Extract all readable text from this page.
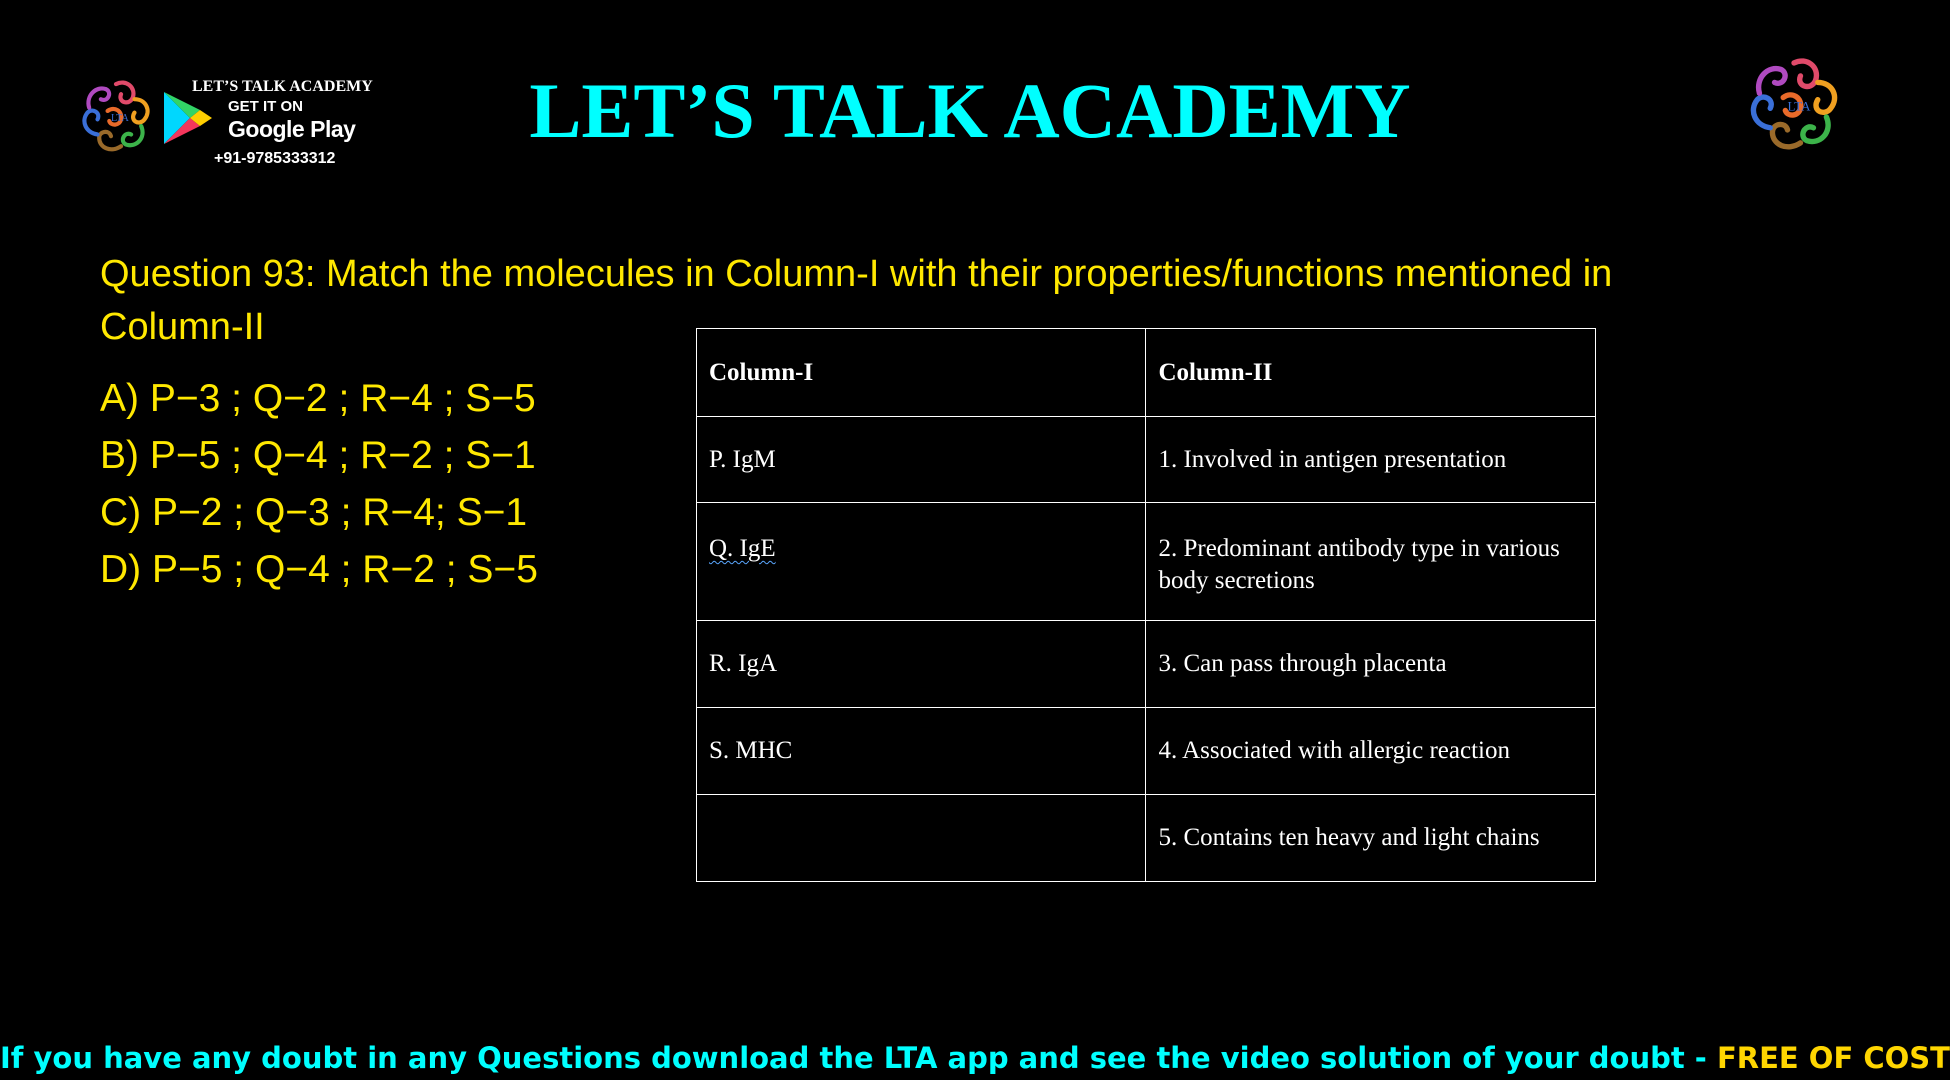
LTA
LET’S TALK ACADEMY
GET IT ON
Google Play
+91-9785333312
LET’S TALK ACADEMY	LTA
Question 93: Match the molecules in Column-I with their properties/functions mentioned in Column-II
A) P−3 ; Q−2 ; R−4 ; S−5
B) P−5 ; Q−4 ; R−2 ; S−1
C) P−2 ; Q−3 ; R−4; S−1
D) P−5 ; Q−4 ; R−2 ; S−5
Column-I	Column-II
P. IgM	1. Involved in antigen presentation
Q. IgE	2. Predominant antibody type in various body secretions
R. IgA	3. Can pass through placenta
S. MHC	4. Associated with allergic reaction
	5. Contains ten heavy and light chains
If you have any doubt in any Questions download the LTA app and see the video solution of your doubt - FREE OF COST
